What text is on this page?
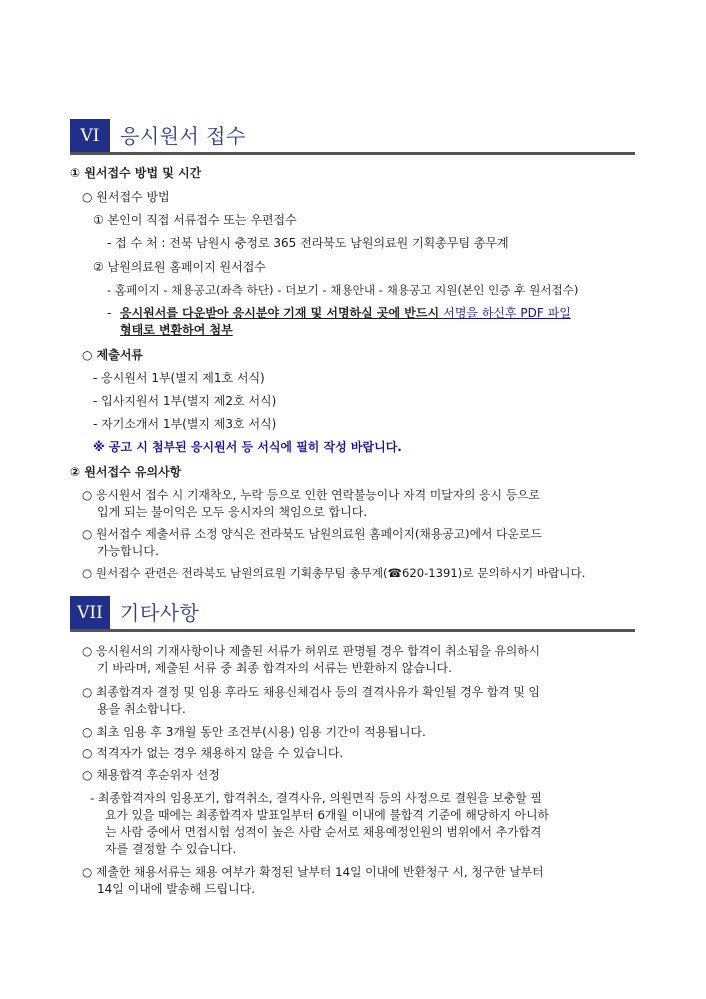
VI	응시원서 접수
① 원서접수 방법 및 시간
○ 원서접수 방법
① 본인이 직접 서류접수 또는 우편접수
- 접 수 처 : 전북 남원시 충정로 365 전라북도 남원의료원 기획총무팀 총무계
② 남원의료원 홈페이지 원서접수
- 홈페이지 - 채용공고(좌측 하단) - 더보기 - 채용안내 - 채용공고 지원(본인 인증 후 원서접수)
- 응시원서를 다운받아 응시분야 기재 및 서명하실 곳에 반드시 서명을 하신후 PDF 파일
형태로 변환하여 첨부
○ 제출서류
- 응시원서 1부(별지 제1호 서식)
- 입사지원서 1부(별지 제2호 서식)
- 자기소개서 1부(별지 제3호 서식)
※ 공고 시 첨부된 응시원서 등 서식에 필히 작성 바랍니다.
② 원서접수 유의사항
○ 응시원서 접수 시 기재착오, 누락 등으로 인한 연락불능이나 자격 미달자의 응시 등으로
입게 되는 불이익은 모두 응시자의 책임으로 합니다.
○ 원서접수 제출서류 소정 양식은 전라북도 남원의료원 홈페이지(채용공고)에서 다운로드
가능합니다.
○ 원서접수 관련은 전라북도 남원의료원 기획총무팀 총무계(☎620-1391)로 문의하시기 바랍니다.
VII 기타사항
○ 응시원서의 기재사항이나 제출된 서류가 허위로 판명될 경우 합격이 취소됨을 유의하시
기 바라며, 제출된 서류 중 최종 합격자의 서류는 반환하지 않습니다.
○ 최종합격자 결정 및 임용 후라도 채용신체검사 등의 결격사유가 확인될 경우 합격 및 임
용을 취소합니다.
○ 최초 임용 후 3개월 동안 조건부(시용) 임용 기간이 적용됩니다.
○ 적격자가 없는 경우 채용하지 않을 수 있습니다.
○ 채용합격 후순위자 선정
- 최종합격자의 임용포기, 합격취소, 결격사유, 의원면직 등의 사정으로 결원을 보충할 필
요가 있을 때에는 최종합격자 발표일부터 6개월 이내에 불합격 기준에 해당하지 아니하
는 사람 중에서 면접시험 성적이 높은 사람 순서로 채용예정인원의 범위에서 추가합격
자를 결정할 수 있습니다.
○ 제출한 채용서류는 채용 여부가 확정된 날부터 14일 이내에 반환청구 시, 청구한 날부터
14일 이내에 발송해 드립니다.
